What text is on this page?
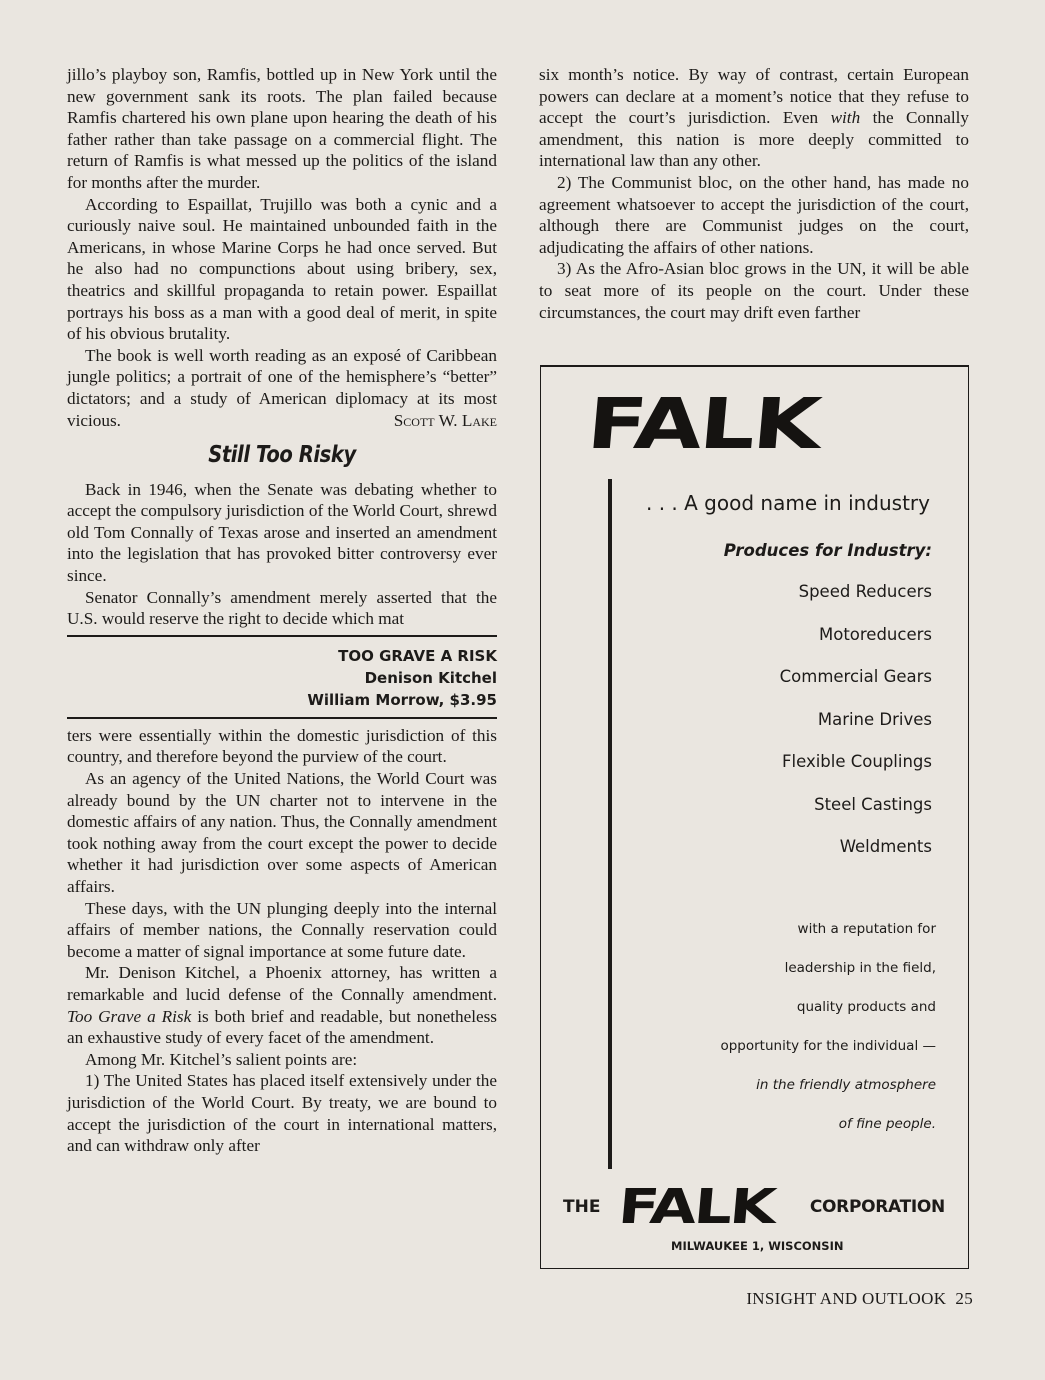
jillo’s playboy son, Ramfis, bottled up in New York until the new government sank its roots. The plan failed because Ramfis chartered his own plane upon hearing the death of his father rather than take passage on a commercial flight. The return of Ramfis is what messed up the politics of the island for months after the murder.

According to Espaillat, Trujillo was both a cynic and a curiously naive soul. He maintained unbounded faith in the Americans, in whose Marine Corps he had once served. But he also had no compunctions about using bribery, sex, theatrics and skillful propaganda to retain power. Espaillat portrays his boss as a man with a good deal of merit, in spite of his obvious brutality.

The book is well worth reading as an exposé of Caribbean jungle politics; a portrait of one of the hemisphere’s “better” dictators; and a study of American diplomacy at its most vicious.	Scott W. Lake

Still Too Risky

Back in 1946, when the Senate was debating whether to accept the compulsory jurisdiction of the World Court, shrewd old Tom Connally of Texas arose and inserted an amendment into the legislation that has provoked bitter controversy ever since.

Senator Connally’s amendment merely asserted that the U.S. would reserve the right to decide which mat

TOO GRAVE A RISK
Denison Kitchel
William Morrow, $3.95

ters were essentially within the domestic jurisdiction of this country, and therefore beyond the purview of the court.

As an agency of the United Nations, the World Court was already bound by the UN charter not to intervene in the domestic affairs of any nation. Thus, the Connally amendment took nothing away from the court except the power to decide whether it had jurisdiction over some aspects of American affairs.

These days, with the UN plunging deeply into the internal affairs of member nations, the Connally reservation could become a matter of signal importance at some future date.

Mr. Denison Kitchel, a Phoenix attorney, has written a remarkable and lucid defense of the Connally amendment. Too Grave a Risk is both brief and readable, but nonetheless an exhaustive study of every facet of the amendment.

Among Mr. Kitchel’s salient points are:

1) The United States has placed itself extensively under the jurisdiction of the World Court. By treaty, we are bound to accept the jurisdiction of the court in international matters, and can withdraw only after

six month’s notice. By way of contrast, certain European powers can declare at a moment’s notice that they refuse to accept the court’s jurisdiction. Even with the Connally amendment, this nation is more deeply committed to international law than any other.

2) The Communist bloc, on the other hand, has made no agreement whatsoever to accept the jurisdiction of the court, although there are Communist judges on the court, adjudicating the affairs of other nations.

3) As the Afro-Asian bloc grows in the UN, it will be able to seat more of its people on the court. Under these circumstances, the court may drift even farther

FALK
. . . A good name in industry
Produces for Industry:
Speed Reducers
Motoreducers
Commercial Gears
Marine Drives
Flexible Couplings
Steel Castings
Weldments
with a reputation for
leadership in the field,
quality products and
opportunity for the individual —
in the friendly atmosphere
of fine people.
THE FALK CORPORATION
MILWAUKEE 1, WISCONSIN
INSIGHT AND OUTLOOK 25
